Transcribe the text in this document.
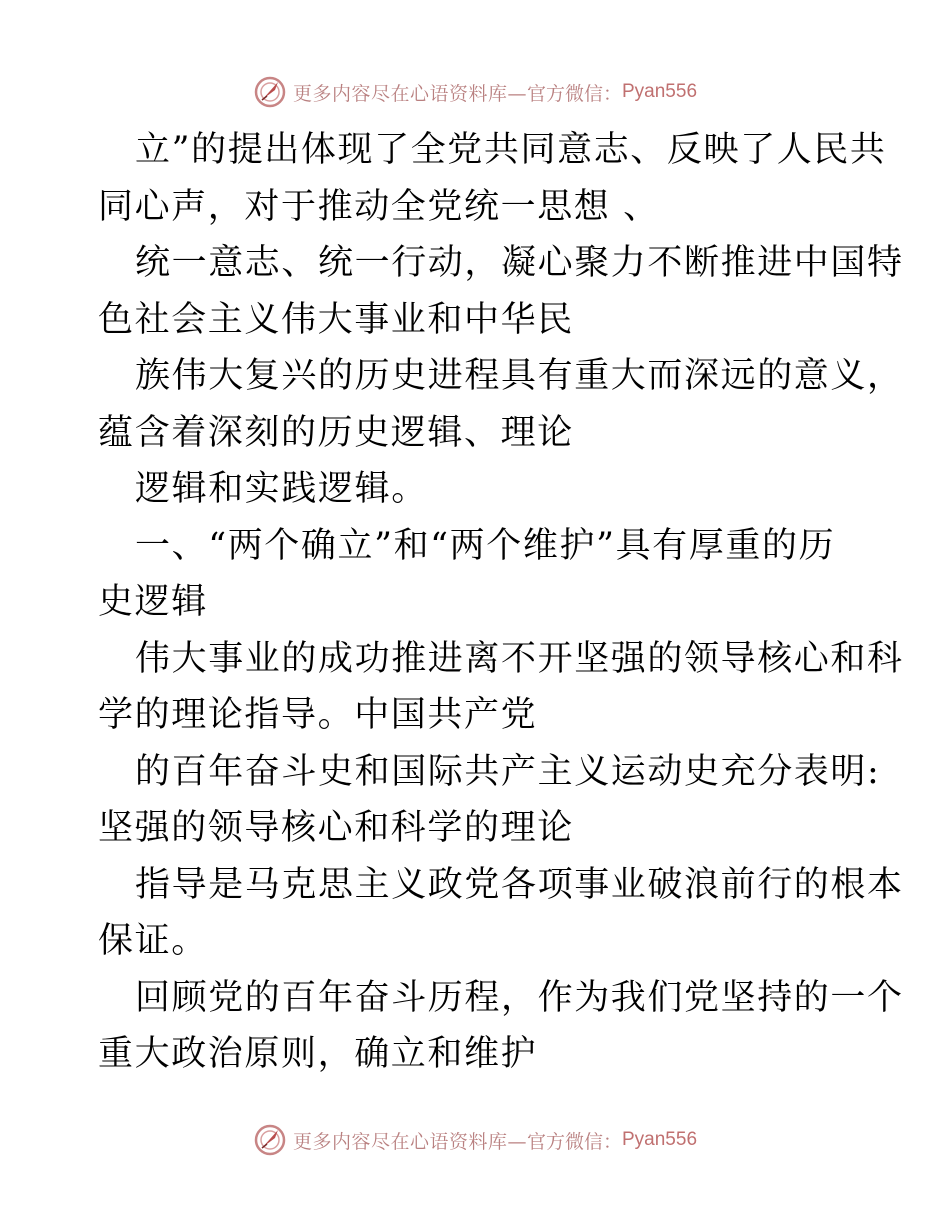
更多内容尽在心语资料库— 官方微信： Pyan556
立”的提出体现了全党共同意志、反映了人民共
同心声，对于推动全党统一思想 、
统一意志、统一行动，凝心聚力不断推进中国特
色社会主义伟大事业和中华民
族伟大复兴的历史进程具有重大而深远的意义，
蕴含着深刻的历史逻辑、理论
逻辑和实践逻辑。
一、“两个确立”和“两个维护”具有厚重的历
史逻辑
伟大事业的成功推进离不开坚强的领导核心和科
学的理论指导。中国共产党
的百年奋斗史和国际共产主义运动史充分表明:
坚强的领导核心和科学的理论
指导是马克思主义政党各项事业破浪前行的根本
保证。
回顾党的百年奋斗历程，作为我们党坚持的一个
重大政治原则，确立和维护
更多内容尽在心语资料库— 官方微信： Pyan556
